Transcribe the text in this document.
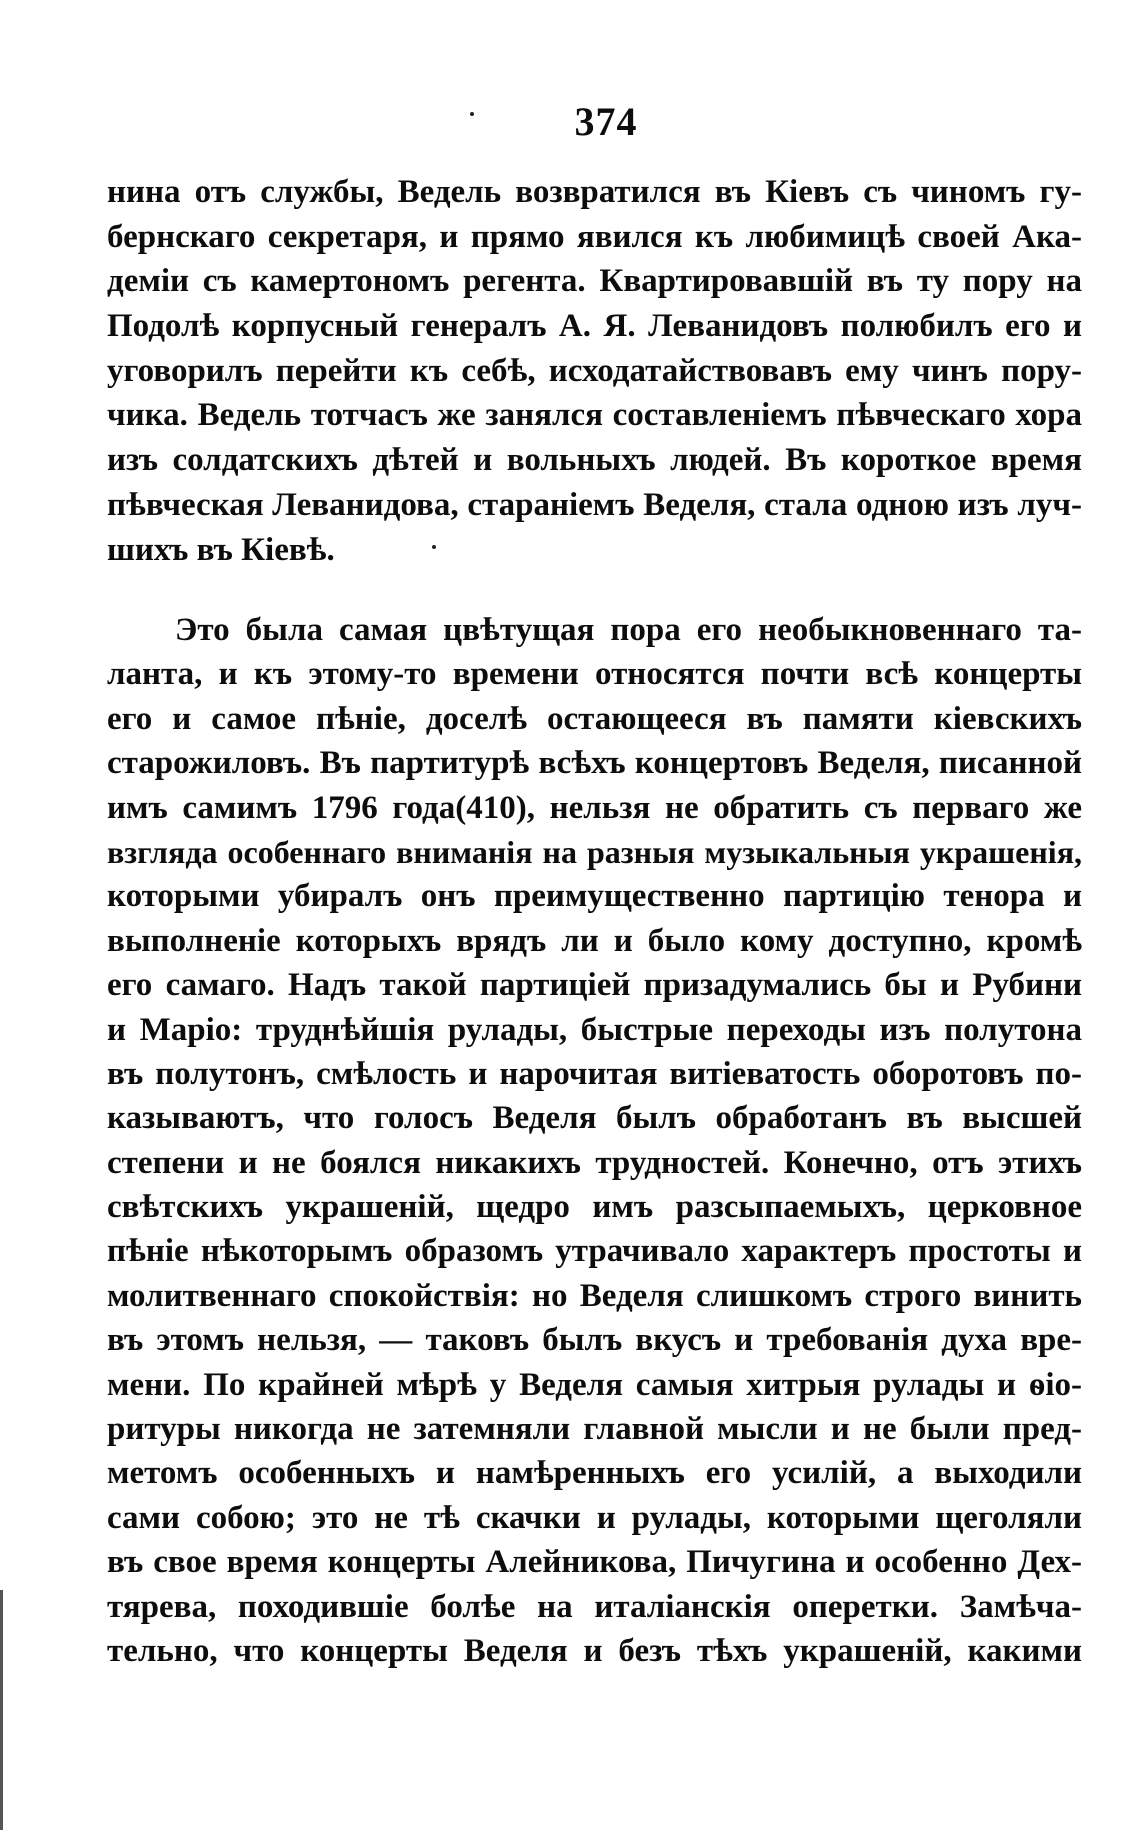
374
нина отъ службы, Ведель возвратился въ Кіевъ съ чиномъ гу-
бернскаго секретаря, и прямо явился къ любимицѣ своей Ака-
деміи съ камертономъ регента. Квартировавшій въ ту пору на
Подолѣ корпусный генералъ А. Я. Леванидовъ полюбилъ его и
уговорилъ перейти къ себѣ, исходатайствовавъ ему чинъ пору-
чика. Ведель тотчасъ же занялся составленіемъ пѣвческаго хора
изъ солдатскихъ дѣтей и вольныхъ людей. Въ короткое время
пѣвческая Леванидова, стараніемъ Веделя, стала одною изъ луч-
шихъ въ Кіевѣ.
Это была самая цвѣтущая пора его необыкновеннаго та-
ланта, и къ этому-то времени относятся почти всѣ концерты
его и самое пѣніе, доселѣ остающееся въ памяти кіевскихъ
старожиловъ. Въ партитурѣ всѣхъ концертовъ Веделя, писанной
имъ самимъ 1796 года(410), нельзя не обратить съ перваго же
взгляда особеннаго вниманія на разныя музыкальныя украшенія,
которыми убиралъ онъ преимущественно партицію тенора и
выполненіе которыхъ врядъ ли и было кому доступно, кромѣ
его самаго. Надъ такой партиціей призадумались бы и Рубини
и Маріо: труднѣйшія рулады, быстрые переходы изъ полутона
въ полутонъ, смѣлость и нарочитая витіеватость оборотовъ по-
казываютъ, что голосъ Веделя былъ обработанъ въ высшей
степени и не боялся никакихъ трудностей. Конечно, отъ этихъ
свѣтскихъ украшеній, щедро имъ разсыпаемыхъ, церковное
пѣніе нѣкоторымъ образомъ утрачивало характеръ простоты и
молитвеннаго спокойствія: но Веделя слишкомъ строго винить
въ этомъ нельзя, — таковъ былъ вкусъ и требованія духа вре-
мени. По крайней мѣрѣ у Веделя самыя хитрыя рулады и ѳіо-
ритуры никогда не затемняли главной мысли и не были пред-
метомъ особенныхъ и намѣренныхъ его усилій, а выходили
сами собою; это не тѣ скачки и рулады, которыми щеголяли
въ свое время концерты Алейникова, Пичугина и особенно Дех-
тярева, походившіе болѣе на италіанскія оперетки. Замѣча-
тельно, что концерты Веделя и безъ тѣхъ украшеній, какими
